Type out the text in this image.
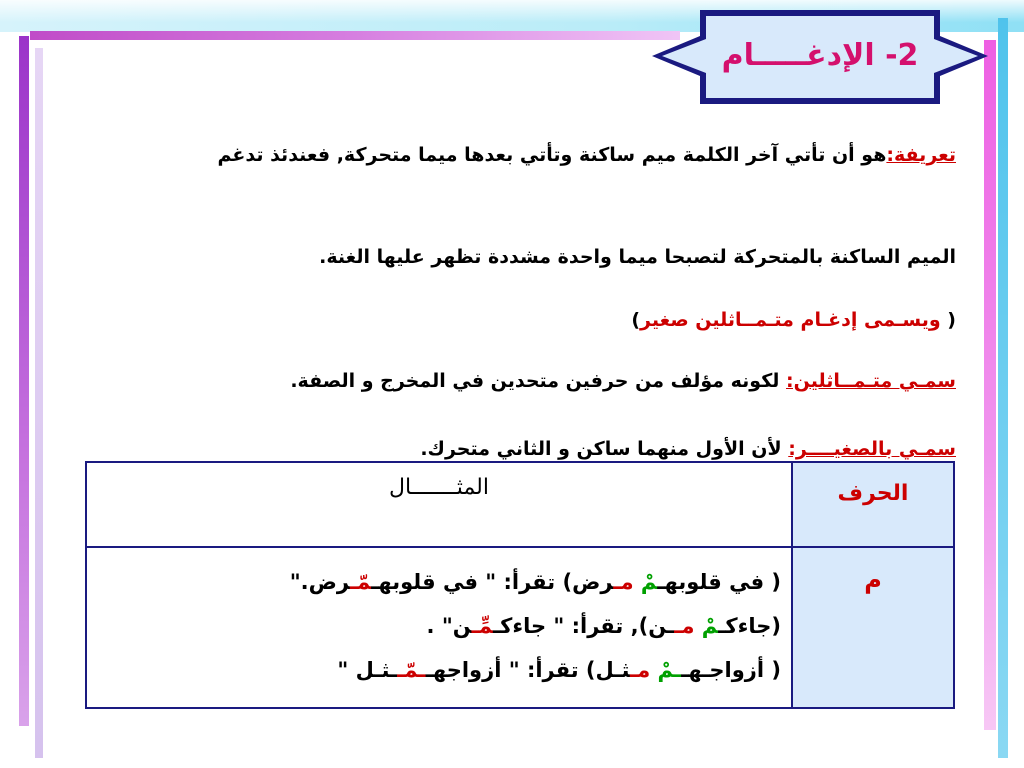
2- الإدغـــــام
تعريفة:هو أن تأتي آخر الكلمة ميم ساكنة وتأتي بعدها ميما متحركة, فعندئذ تدغم
الميم الساكنة بالمتحركة لتصبحا ميما واحدة مشددة تظهر عليها الغنة.
( ويسـمى إدغـام متـمــاثلين صغير)
سمـي متـمــاثلين: لكونه مؤلف من حرفين متحدين في المخرج و الصفة.
سمـي بالصغيــــر: لأن الأول منهما ساكن و الثاني متحرك.
الحرف	المثـــــــال
م	( في قلوبهـمْ مـرض) تقرأ: " في قلوبهـمّـرض."
(جاءكـمْ مــن), تقرأ: " جاءكـمِّـن" .
( أزواجـهــمْ مـثـل) تقرأ: " أزواجهــمّــثـل "
